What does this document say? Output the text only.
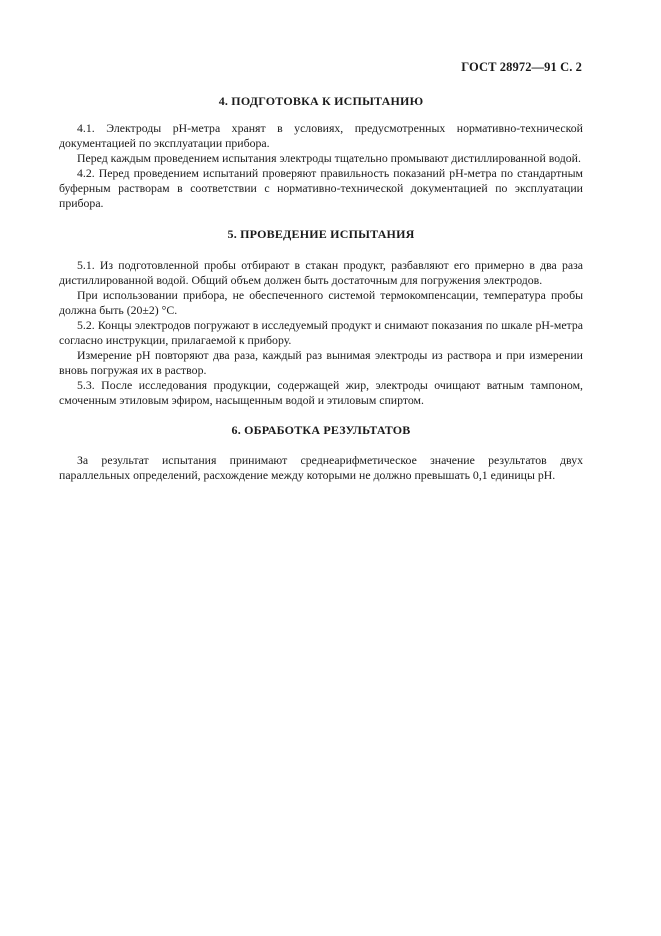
ГОСТ 28972—91 С. 2
4. ПОДГОТОВКА К ИСПЫТАНИЮ

4.1. Электроды pH-метра хранят в условиях, предусмотренных нормативно-технической документацией по эксплуатации прибора.

Перед каждым проведением испытания электроды тщательно промывают дистиллированной водой.

4.2. Перед проведением испытаний проверяют правильность показаний pH-метра по стандартным буферным растворам в соответствии с нормативно-технической документацией по эксплуатации прибора.

5. ПРОВЕДЕНИЕ ИСПЫТАНИЯ

5.1. Из подготовленной пробы отбирают в стакан продукт, разбавляют его примерно в два раза дистиллированной водой. Общий объем должен быть достаточным для погружения электродов.

При использовании прибора, не обеспеченного системой термокомпенсации, температура пробы должна быть (20±2) °С.

5.2. Концы электродов погружают в исследуемый продукт и снимают показания по шкале pH-метра согласно инструкции, прилагаемой к прибору.

Измерение pH повторяют два раза, каждый раз вынимая электроды из раствора и при измерении вновь погружая их в раствор.

5.3. После исследования продукции, содержащей жир, электроды очищают ватным тампоном, смоченным этиловым эфиром, насыщенным водой и этиловым спиртом.

6. ОБРАБОТКА РЕЗУЛЬТАТОВ

За результат испытания принимают среднеарифметическое значение результатов двух параллельных определений, расхождение между которыми не должно превышать 0,1 единицы pH.
